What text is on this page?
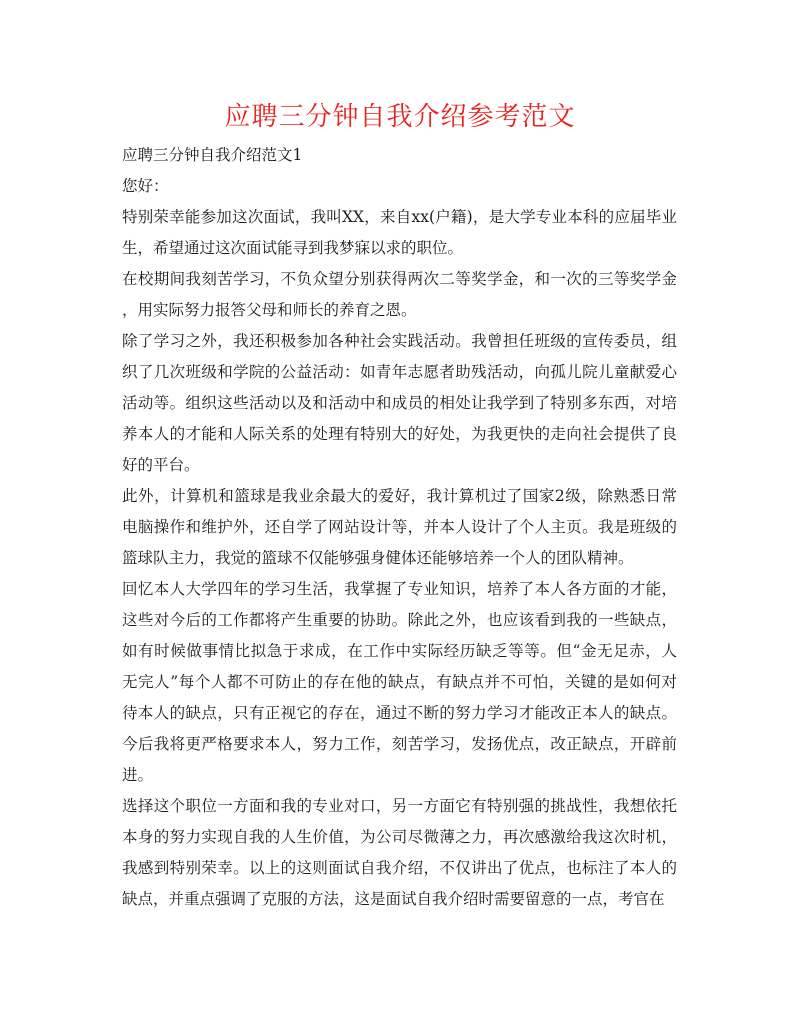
应聘三分钟自我介绍参考范文

应聘三分钟自我介绍范文1

您好：

特别荣幸能参加这次面试，我叫XX，来自xx(户籍)，是大学专业本科的应届毕业
生，希望通过这次面试能寻到我梦寐以求的职位。

在校期间我刻苦学习，不负众望分别获得两次二等奖学金，和一次的三等奖学金
，用实际努力报答父母和师长的养育之恩。

除了学习之外，我还积极参加各种社会实践活动。我曾担任班级的宣传委员，组
织了几次班级和学院的公益活动：如青年志愿者助残活动，向孤儿院儿童献爱心
活动等。组织这些活动以及和活动中和成员的相处让我学到了特别多东西，对培
养本人的才能和人际关系的处理有特别大的好处，为我更快的走向社会提供了良
好的平台。

此外，计算机和篮球是我业余最大的爱好，我计算机过了国家2级，除熟悉日常
电脑操作和维护外，还自学了网站设计等，并本人设计了个人主页。我是班级的
篮球队主力，我觉的篮球不仅能够强身健体还能够培养一个人的团队精神。

回忆本人大学四年的学习生活，我掌握了专业知识，培养了本人各方面的才能，
这些对今后的工作都将产生重要的协助。除此之外，也应该看到我的一些缺点，
如有时候做事情比拟急于求成，在工作中实际经历缺乏等等。但“金无足赤，人
无完人”每个人都不可防止的存在他的缺点，有缺点并不可怕，关键的是如何对
待本人的缺点，只有正视它的存在，通过不断的努力学习才能改正本人的缺点。
今后我将更严格要求本人，努力工作，刻苦学习，发扬优点，改正缺点，开辟前
进。

选择这个职位一方面和我的专业对口，另一方面它有特别强的挑战性，我想依托
本身的努力实现自我的人生价值，为公司尽微薄之力，再次感激给我这次时机，
我感到特别荣幸。以上的这则面试自我介绍，不仅讲出了优点，也标注了本人的
缺点，并重点强调了克服的方法，这是面试自我介绍时需要留意的一点，考官在
